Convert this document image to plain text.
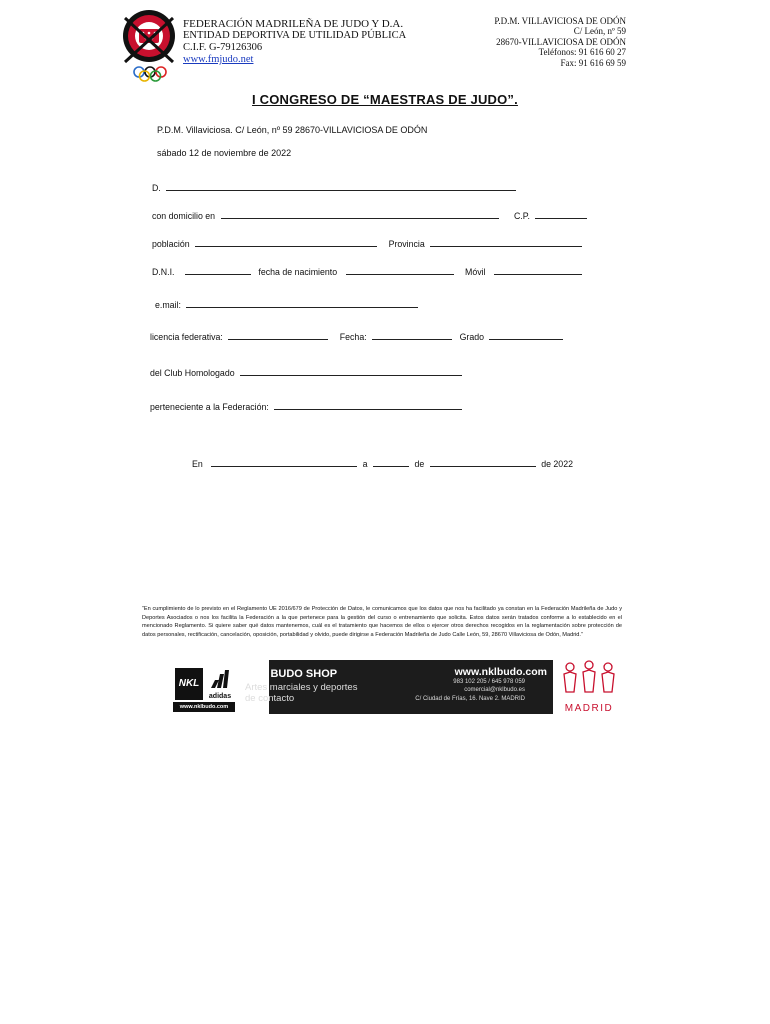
FEDERACIÓN MADRILEÑA DE JUDO Y D.A.
ENTIDAD DEPORTIVA DE UTILIDAD PÚBLICA
C.I.F. G-79126306
www.fmjudo.net
P.D.M. VILLAVICIOSA DE ODÓN
C/ León, nº 59
28670-VILLAVICIOSA DE ODÓN
Teléfonos: 91 616 60 27
Fax: 91 616 69 59
I CONGRESO DE “MAESTRAS DE JUDO”.
P.D.M. Villaviciosa. C/ León, nº 59 28670-VILLAVICIOSA DE ODÓN
sábado 12 de noviembre de 2022
D.
con domicilio en	C.P.
población	Provincia
D.N.I.	fecha de nacimiento	Móvil
e.mail:
licencia federativa:	Fecha:	Grado
del Club Homologado
perteneciente a la Federación:
En	a	de	de 2022
“En cumplimiento de lo previsto en el Reglamento UE 2016/679 de Protección de Datos, le comunicamos que los datos que nos ha facilitado ya constan en la Federación Madrileña de Judo y Deportes Asociados o nos los facilita la Federación a la que pertenece para la gestión del curso o entrenamiento que solicita. Estos datos serán tratados conforme a lo establecido en el mencionado Reglamento. Si quiere saber qué datos mantenemos, cuál es el tratamiento que hacemos de ellos o ejercer otros derechos recogidos en la reglamentación sobre protección de datos personales, rectificación, cancelación, oposición, portabilidad y olvido, puede dirigirse a Federación Madrileña de Judo Calle León, 59, 28670 Villaviciosa de Odón, Madrid.”
NKL
adidas
www.nklbudo.com
NKL BUDO SHOP
Artes marciales y deportes
de contacto
www.nklbudo.com
983 102 205 / 645 978 059
comercial@nklbudo.es
C/ Ciudad de Frías, 16. Nave 2. MADRID
MADRID
